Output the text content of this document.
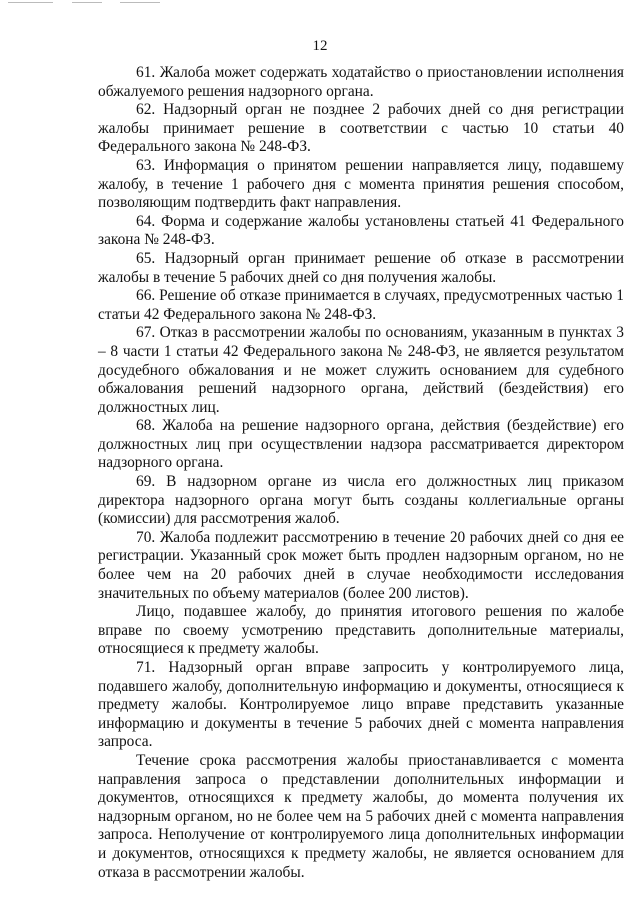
12

61. Жалоба может содержать ходатайство о приостановлении исполнения обжалуемого решения надзорного органа.

62. Надзорный орган не позднее 2 рабочих дней со дня регистрации жалобы принимает решение в соответствии с частью 10 статьи 40 Федерального закона № 248-ФЗ.

63. Информация о принятом решении направляется лицу, подавшему жалобу, в течение 1 рабочего дня с момента принятия решения способом, позволяющим подтвердить факт направления.

64. Форма и содержание жалобы установлены статьей 41 Федерального закона № 248-ФЗ.

65. Надзорный орган принимает решение об отказе в рассмотрении жалобы в течение 5 рабочих дней со дня получения жалобы.

66. Решение об отказе принимается в случаях, предусмотренных частью 1 статьи 42 Федерального закона № 248-ФЗ.

67. Отказ в рассмотрении жалобы по основаниям, указанным в пунктах 3 – 8 части 1 статьи 42 Федерального закона № 248-ФЗ, не является результатом досудебного обжалования и не может служить основанием для судебного обжалования решений надзорного органа, действий (бездействия) его должностных лиц.

68. Жалоба на решение надзорного органа, действия (бездействие) его должностных лиц при осуществлении надзора рассматривается директором надзорного органа.

69. В надзорном органе из числа его должностных лиц приказом директора надзорного органа могут быть созданы коллегиальные органы (комиссии) для рассмотрения жалоб.

70. Жалоба подлежит рассмотрению в течение 20 рабочих дней со дня ее регистрации. Указанный срок может быть продлен надзорным органом, но не более чем на 20 рабочих дней в случае необходимости исследования значительных по объему материалов (более 200 листов).

Лицо, подавшее жалобу, до принятия итогового решения по жалобе вправе по своему усмотрению представить дополнительные материалы, относящиеся к предмету жалобы.

71. Надзорный орган вправе запросить у контролируемого лица, подавшего жалобу, дополнительную информацию и документы, относящиеся к предмету жалобы. Контролируемое лицо вправе представить указанные информацию и документы в течение 5 рабочих дней с момента направления запроса.

Течение срока рассмотрения жалобы приостанавливается с момента направления запроса о представлении дополнительных информации и документов, относящихся к предмету жалобы, до момента получения их надзорным органом, но не более чем на 5 рабочих дней с момента направления запроса. Неполучение от контролируемого лица дополнительных информации и документов, относящихся к предмету жалобы, не является основанием для отказа в рассмотрении жалобы.
